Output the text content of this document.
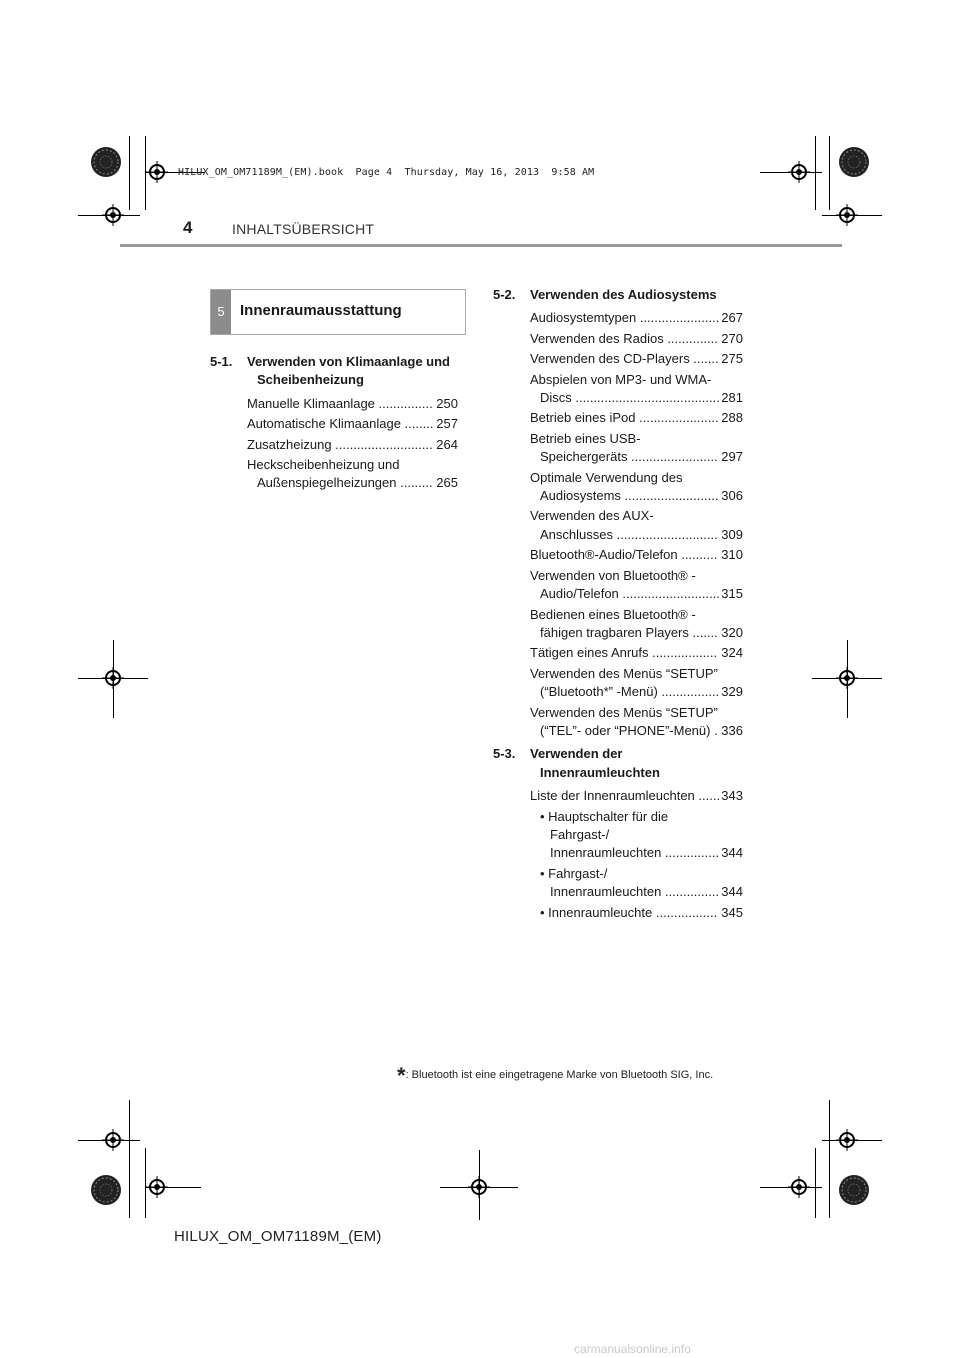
HILUX_OM_OM71189M_(EM).book  Page 4  Thursday, May 16, 2013  9:58 AM
4	INHALTSÜBERSICHT
5	Innenraumausstattung
5-1. Verwenden von Klimaanlage und Scheibenheizung
Manuelle Klimaanlage ............... 250
Automatische Klimaanlage ........ 257
Zusatzheizung ........................... 264
Heckscheibenheizung und Außenspiegelheizungen ......... 265
5-2. Verwenden des Audiosystems
Audiosystemtypen ...................... 267
Verwenden des Radios .............. 270
Verwenden des CD-Players ....... 275
Abspielen von MP3- und WMA-Discs ........................................ 281
Betrieb eines iPod ...................... 288
Betrieb eines USB-Speichergeräts ........................ 297
Optimale Verwendung des Audiosystems .......................... 306
Verwenden des AUX-Anschlusses ............................ 309
Bluetooth®-Audio/Telefon .......... 310
Verwenden von Bluetooth® -Audio/Telefon ........................... 315
Bedienen eines Bluetooth® -fähigen tragbaren Players ....... 320
Tätigen eines Anrufs .................. 324
Verwenden des Menüs “SETUP” (“Bluetooth*” -Menü) ................ 329
Verwenden des Menüs “SETUP” (“TEL”- oder “PHONE”-Menü) . 336
5-3. Verwenden der Innenraumleuchten
Liste der Innenraumleuchten ...... 343
• Hauptschalter für die Fahrgast-/ Innenraumleuchten ............... 344
• Fahrgast-/ Innenraumleuchten ............... 344
• Innenraumleuchte ................. 345
*: Bluetooth ist eine eingetragene Marke von Bluetooth SIG, Inc.
HILUX_OM_OM71189M_(EM)
carmanualsonline.info
